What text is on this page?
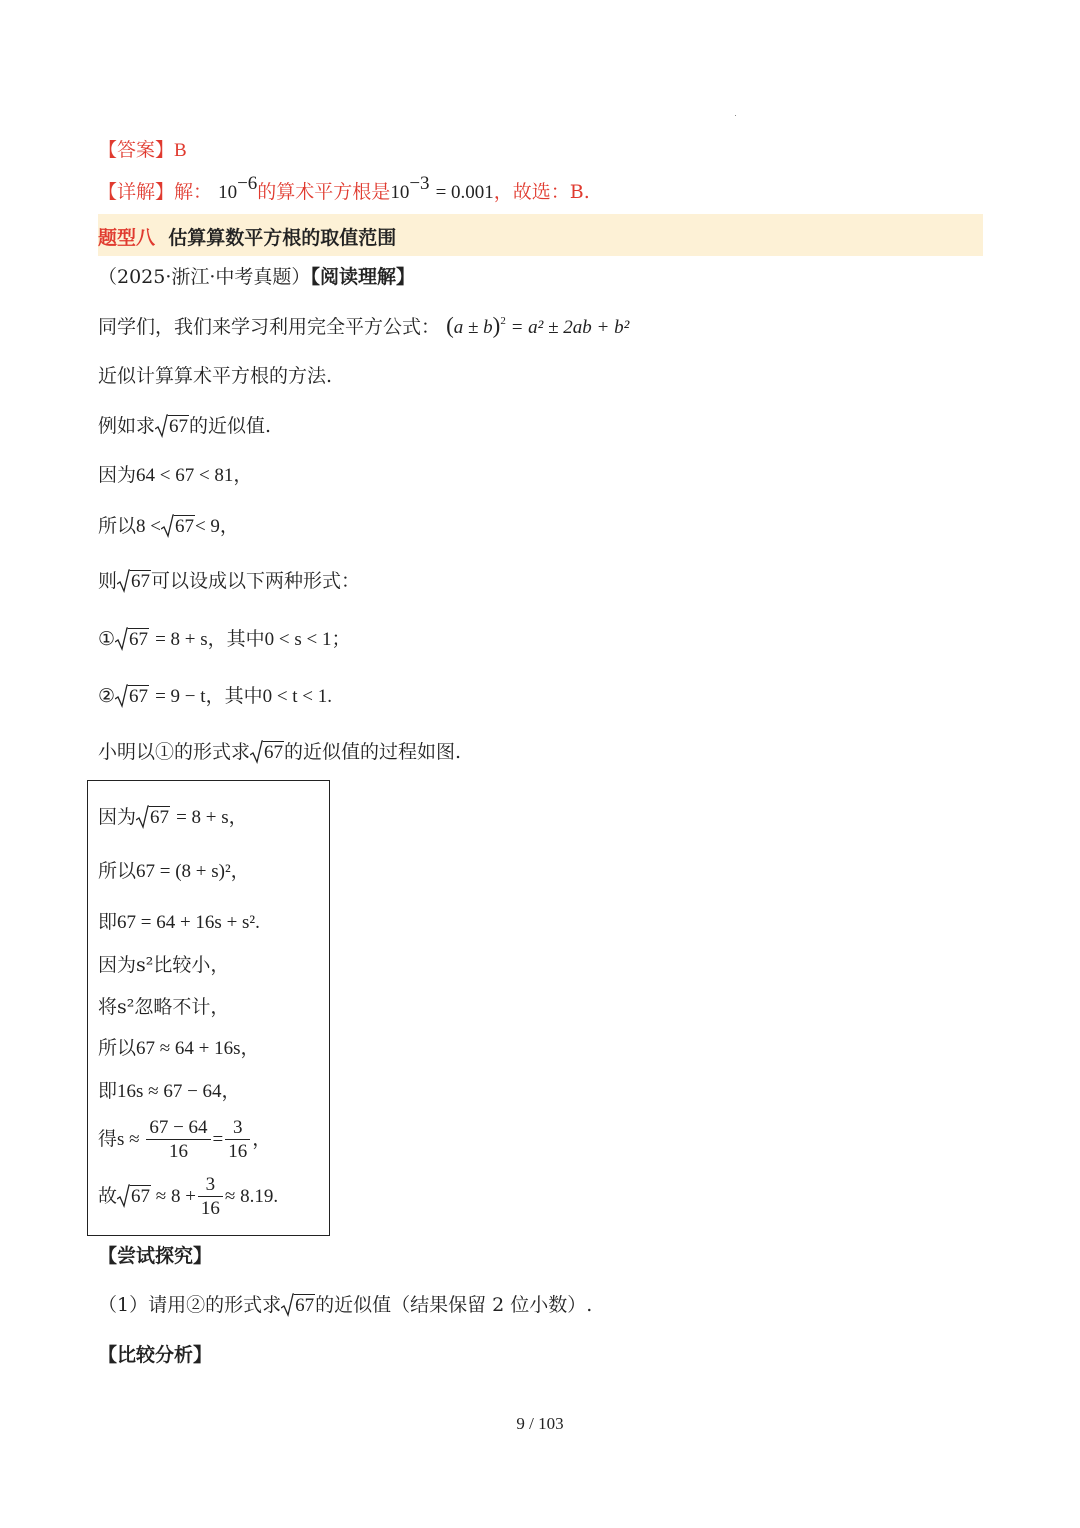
【答案】B
【详解】解： $10^{-6}$的算术平方根是$10^{-3} = 0.001$，故选：B.
题型八 估算算数平方根的取值范围
（2025·浙江·中考真题）【阅读理解】
同学们，我们来学习利用完全平方公式： $(a \pm b)^2 = a^2 \pm 2ab + b^2$
近似计算算术平方根的方法.
例如求 67的近似值.
因为64 < 67 < 81，
所以8 < 67< 9，
则 67可以设成以下两种形式：
① 67 = 8 + s，其中0 < s < 1；
② 67 = 9 − t，其中0 < t < 1.
小明以①的形式求 67的近似值的过程如图.
因为 67 = 8 + s，
所以67 = (8 + s)²，
即67 = 64 + 16s + s².
因为s²比较小，
将s²忽略不计，
所以67 ≈ 64 + 16s，
即16s ≈ 67 − 64，
得$s \approx \frac{67 - 64}{16} = \frac{3}{16}$ ，
故 $67 \approx 8 + \frac{3}{16} \approx 8.19$.
【尝试探究】
（1）请用②的形式求 67的近似值（结果保留 2 位小数）.
【比较分析】
9 / 103
